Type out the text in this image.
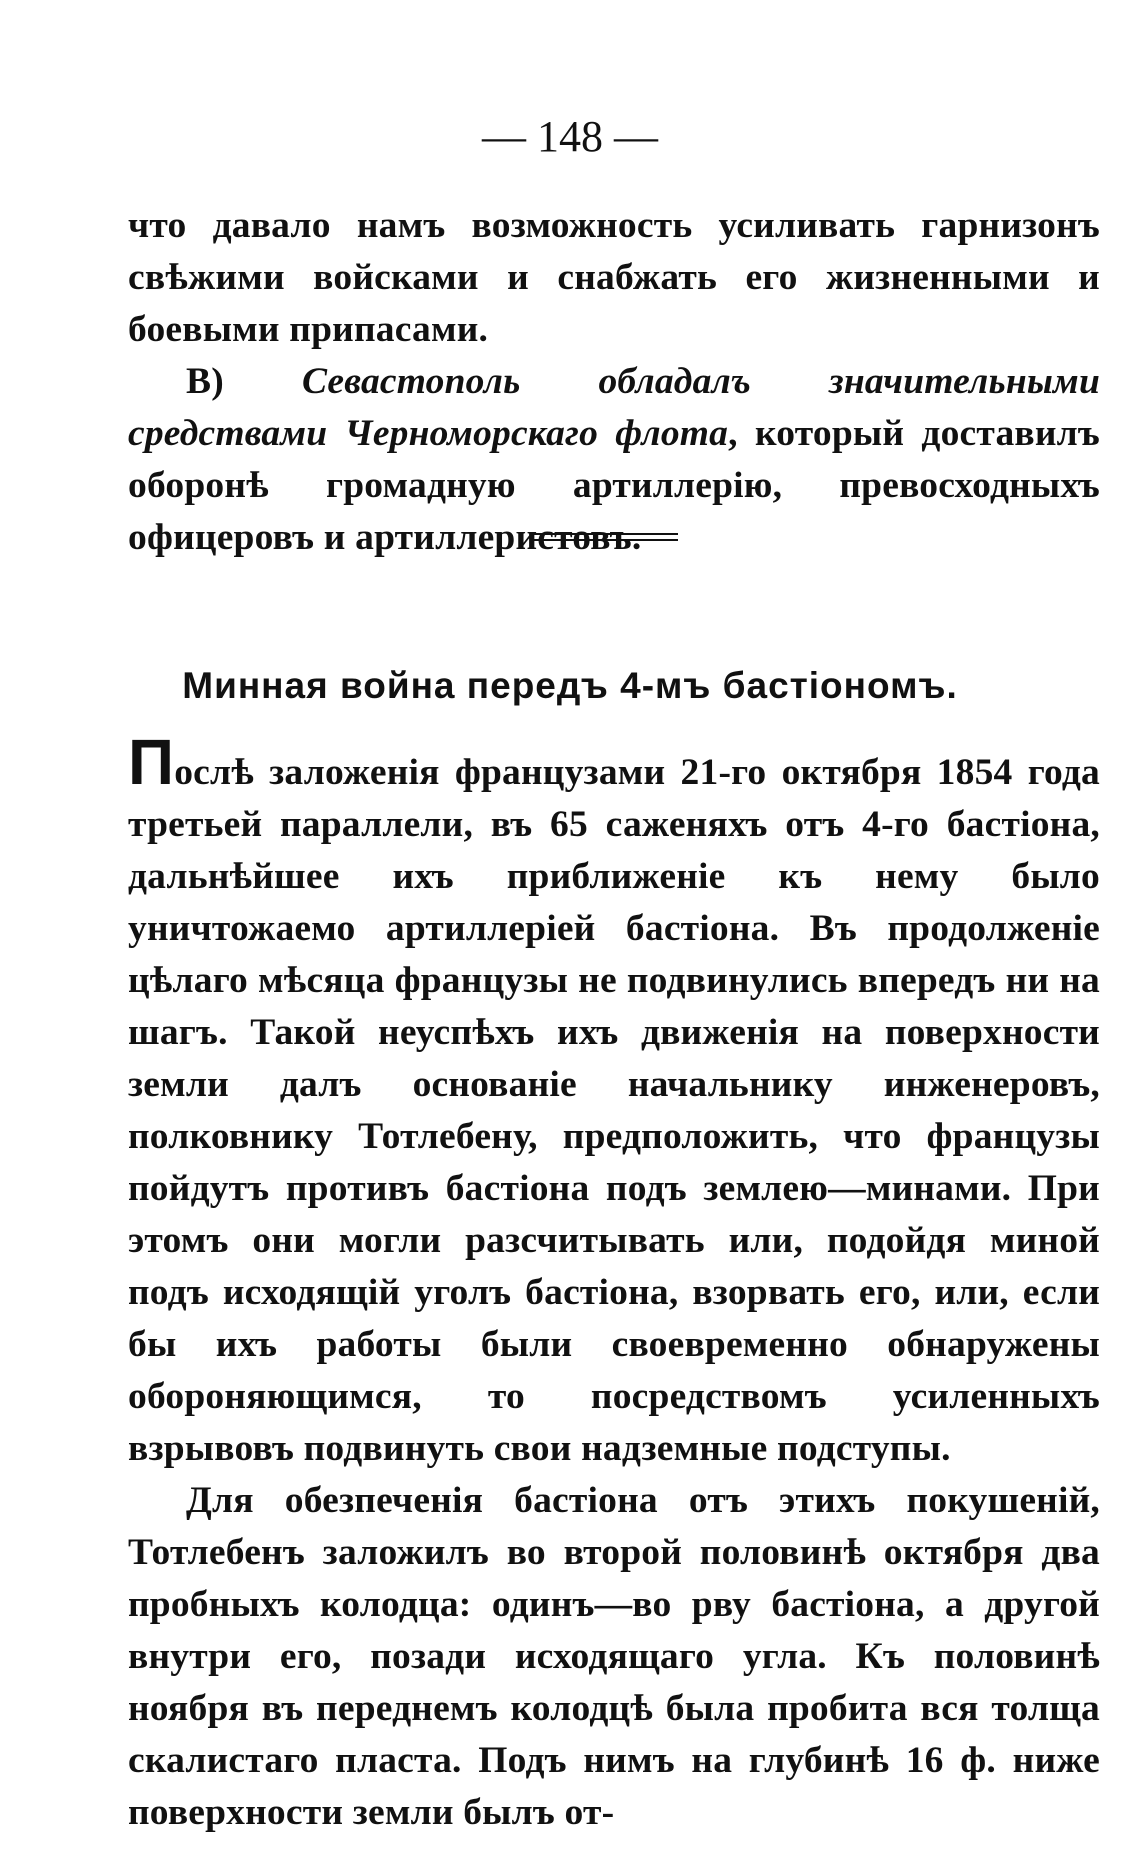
— 148 —

что давало намъ возможность усиливать гарнизонъ свѣжими войсками и снабжать его жизненными и боевыми припасами.

В) Севастополь обладалъ значительными средствами Черноморскаго флота, который доставилъ оборонѣ громадную артиллерію, превосходныхъ офицеровъ и артиллеристовъ.

Минная война передъ 4-мъ бастіономъ.

Послѣ заложенія французами 21-го октября 1854 года третьей параллели, въ 65 саженяхъ отъ 4-го бастіона, дальнѣйшее ихъ приближеніе къ нему было уничтожаемо артиллеріей бастіона. Въ продолженіе цѣлаго мѣсяца французы не подвинулись впередъ ни на шагъ. Такой неуспѣхъ ихъ движенія на поверхности земли далъ основаніе начальнику инженеровъ, полковнику Тотлебену, предположить, что французы пойдутъ противъ бастіона подъ землею—минами. При этомъ они могли разсчитывать или, подойдя миной подъ исходящій уголъ бастіона, взорвать его, или, если бы ихъ работы были своевременно обнаружены обороняющимся, то посредствомъ усиленныхъ взрывовъ подвинуть свои надземные подступы.

Для обезпеченія бастіона отъ этихъ покушеній, Тотлебенъ заложилъ во второй половинѣ октября два пробныхъ колодца: одинъ—во рву бастіона, а другой внутри его, позади исходящаго угла. Къ половинѣ ноября въ переднемъ колодцѣ была пробита вся толща скалистаго пласта. Подъ нимъ на глубинѣ 16 ф. ниже поверхности земли былъ от-
